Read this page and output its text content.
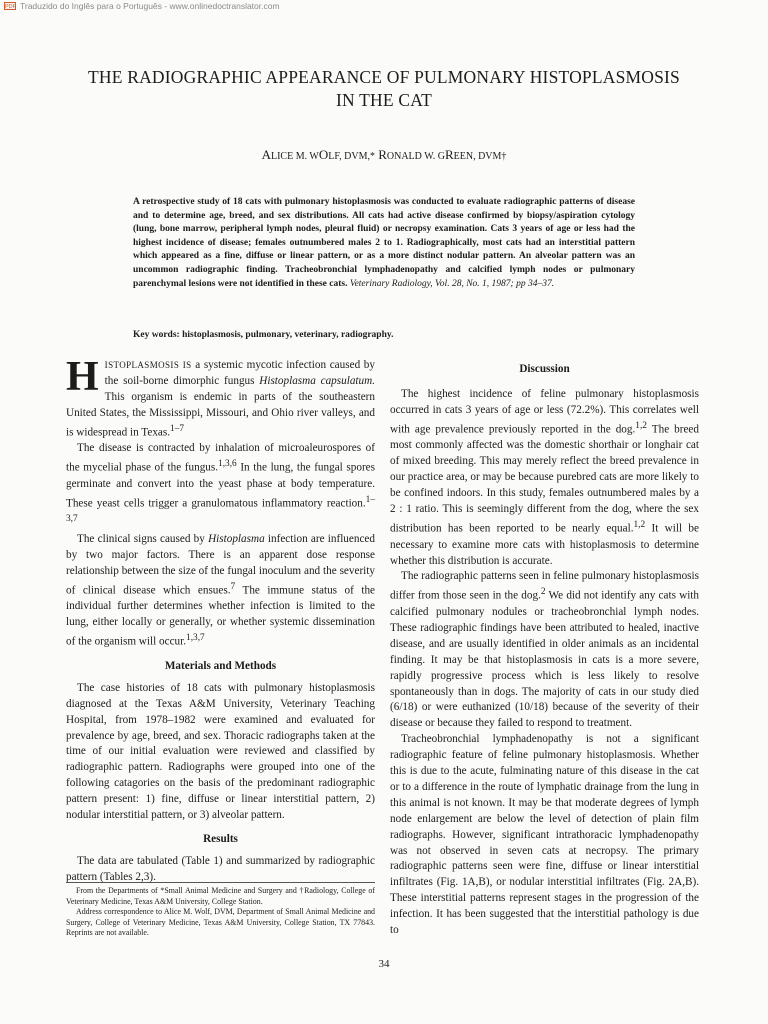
PDF Traduzido do Inglês para o Português - www.onlinedoctranslator.com
THE RADIOGRAPHIC APPEARANCE OF PULMONARY HISTOPLASMOSIS
IN THE CAT
ALICE M. WOLF, DVM,* RONALD W. GREEN, DVM†
A retrospective study of 18 cats with pulmonary histoplasmosis was conducted to evaluate radiographic patterns of disease and to determine age, breed, and sex distributions. All cats had active disease confirmed by biopsy/aspiration cytology (lung, bone marrow, peripheral lymph nodes, pleural fluid) or necropsy examination. Cats 3 years of age or less had the highest incidence of disease; females outnumbered males 2 to 1. Radiographically, most cats had an interstitial pattern which appeared as a fine, diffuse or linear pattern, or as a more distinct nodular pattern. An alveolar pattern was an uncommon radiographic finding. Tracheobronchial lymphadenopathy and calcified lymph nodes or pulmonary parenchymal lesions were not identified in these cats. Veterinary Radiology, Vol. 28, No. 1, 1987; pp 34–37.
Key words: histoplasmosis, pulmonary, veterinary, radiography.

HISTOPLASMOSIS IS a systemic mycotic infection caused by the soil-borne dimorphic fungus Histoplasma capsulatum. This organism is endemic in parts of the southeastern United States, the Mississippi, Missouri, and Ohio river valleys, and is widespread in Texas.$^{1-7}$

The disease is contracted by inhalation of microaleurospores of the mycelial phase of the fungus.$^{1,3,6}$ In the lung, the fungal spores germinate and convert into the yeast phase at body temperature. These yeast cells trigger a granulomatous inflammatory reaction.$^{1-3,7}$

The clinical signs caused by Histoplasma infection are influenced by two major factors. There is an apparent dose response relationship between the size of the fungal inoculum and the severity of clinical disease which ensues.$^7$ The immune status of the individual further determines whether infection is limited to the lung, either locally or generally, or whether systemic dissemination of the organism will occur.$^{1,3,7}$

Materials and Methods

The case histories of 18 cats with pulmonary histoplasmosis diagnosed at the Texas A&M University, Veterinary Teaching Hospital, from 1978–1982 were examined and evaluated for prevalence by age, breed, and sex. Thoracic radiographs taken at the time of our initial evaluation were reviewed and classified by radiographic pattern. Radiographs were grouped into one of the following catagories on the basis of the predominant radiographic pattern present: 1) fine, diffuse or linear interstitial pattern, 2) nodular interstitial pattern, or 3) alveolar pattern.

Results

The data are tabulated (Table 1) and summarized by radiographic pattern (Tables 2,3).

From the Departments of *Small Animal Medicine and Surgery and †Radiology, College of Veterinary Medicine, Texas A&M University, College Station.

Address correspondence to Alice M. Wolf, DVM, Department of Small Animal Medicine and Surgery, College of Veterinary Medicine, Texas A&M University, College Station, TX 77843. Reprints are not available.

Discussion

The highest incidence of feline pulmonary histoplasmosis occurred in cats 3 years of age or less (72.2%). This correlates well with age prevalence previously reported in the dog.$^{1,2}$ The breed most commonly affected was the domestic shorthair or longhair cat of mixed breeding. This may merely reflect the breed prevalence in our practice area, or may be because purebred cats are more likely to be confined indoors. In this study, females outnumbered males by a 2 : 1 ratio. This is seemingly different from the dog, where the sex distribution has been reported to be nearly equal.$^{1,2}$ It will be necessary to examine more cats with histoplasmosis to determine whether this distribution is accurate.

The radiographic patterns seen in feline pulmonary histoplasmosis differ from those seen in the dog.$^2$ We did not identify any cats with calcified pulmonary nodules or tracheobronchial lymph nodes. These radiographic findings have been attributed to healed, inactive disease, and are usually identified in older animals as an incidental finding. It may be that histoplasmosis in cats is a more severe, rapidly progressive process which is less likely to resolve spontaneously than in dogs. The majority of cats in our study died (6/18) or were euthanized (10/18) because of the severity of their disease or because they failed to respond to treatment.

Tracheobronchial lymphadenopathy is not a significant radiographic feature of feline pulmonary histoplasmosis. Whether this is due to the acute, fulminating nature of this disease in the cat or to a difference in the route of lymphatic drainage from the lung in this animal is not known. It may be that moderate degrees of lymph node enlargement are below the level of detection of plain film radiographs. However, significant intrathoracic lymphadenopathy was not observed in seven cats at necropsy. The primary radiographic patterns seen were fine, diffuse or linear interstitial infiltrates (Fig. 1A,B), or nodular interstitial infiltrates (Fig. 2A,B). These interstitial patterns represent stages in the progression of the infection. It has been suggested that the interstitial pathology is due to

34
